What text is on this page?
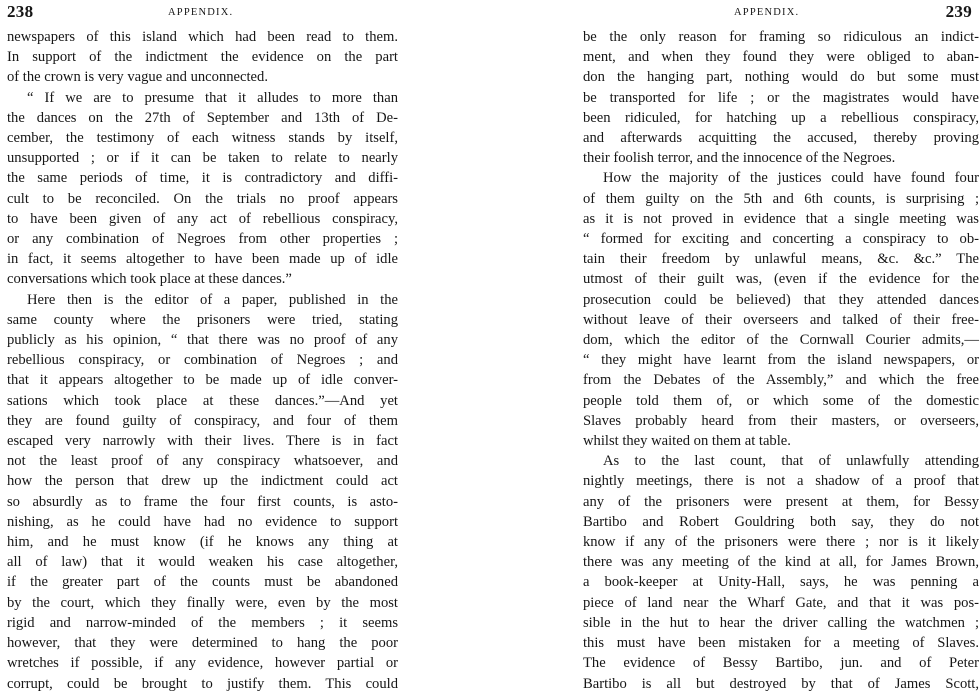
238	APPENDIX.
newspapers of this island which had been read to them.
In support of the indictment the evidence on the part
of the crown is very vague and unconnected.
“ If we are to presume that it alludes to more than
the dances on the 27th of September and 13th of De-
cember, the testimony of each witness stands by itself,
unsupported ; or if it can be taken to relate to nearly
the same periods of time, it is contradictory and diffi-
cult to be reconciled. On the trials no proof appears
to have been given of any act of rebellious conspiracy,
or any combination of Negroes from other properties ;
in fact, it seems altogether to have been made up of idle
conversations which took place at these dances.”
Here then is the editor of a paper, published in the
same county where the prisoners were tried, stating
publicly as his opinion, “ that there was no proof of any
rebellious conspiracy, or combination of Negroes ; and
that it appears altogether to be made up of idle conver-
sations which took place at these dances.”—And yet
they are found guilty of conspiracy, and four of them
escaped very narrowly with their lives. There is in fact
not the least proof of any conspiracy whatsoever, and
how the person that drew up the indictment could act
so absurdly as to frame the four first counts, is asto-
nishing, as he could have had no evidence to support
him, and he must know (if he knows any thing at
all of law) that it would weaken his case altogether,
if the greater part of the counts must be abandoned
by the court, which they finally were, even by the most
rigid and narrow-minded of the members ; it seems
however, that they were determined to hang the poor
wretches if possible, if any evidence, however partial or
corrupt, could be brought to justify them. This could
APPENDIX.	239
be the only reason for framing so ridiculous an indict-
ment, and when they found they were obliged to aban-
don the hanging part, nothing would do but some must
be transported for life ; or the magistrates would have
been ridiculed, for hatching up a rebellious conspiracy,
and afterwards acquitting the accused, thereby proving
their foolish terror, and the innocence of the Negroes.
How the majority of the justices could have found four
of them guilty on the 5th and 6th counts, is surprising ;
as it is not proved in evidence that a single meeting was
“ formed for exciting and concerting a conspiracy to ob-
tain their freedom by unlawful means, &c. &c.” The
utmost of their guilt was, (even if the evidence for the
prosecution could be believed) that they attended dances
without leave of their overseers and talked of their free-
dom, which the editor of the Cornwall Courier admits,—
“ they might have learnt from the island newspapers, or
from the Debates of the Assembly,” and which the free
people told them of, or which some of the domestic
Slaves probably heard from their masters, or overseers,
whilst they waited on them at table.
As to the last count, that of unlawfully attending
nightly meetings, there is not a shadow of a proof that
any of the prisoners were present at them, for Bessy
Bartibo and Robert Gouldring both say, they do not
know if any of the prisoners were there ; nor is it likely
there was any meeting of the kind at all, for James Brown,
a book-keeper at Unity-Hall, says, he was penning a
piece of land near the Wharf Gate, and that it was pos-
sible in the hut to hear the driver calling the watchmen ;
this must have been mistaken for a meeting of Slaves.
The evidence of Bessy Bartibo, jun. and of Peter
Bartibo is all but destroyed by that of James Scott,
